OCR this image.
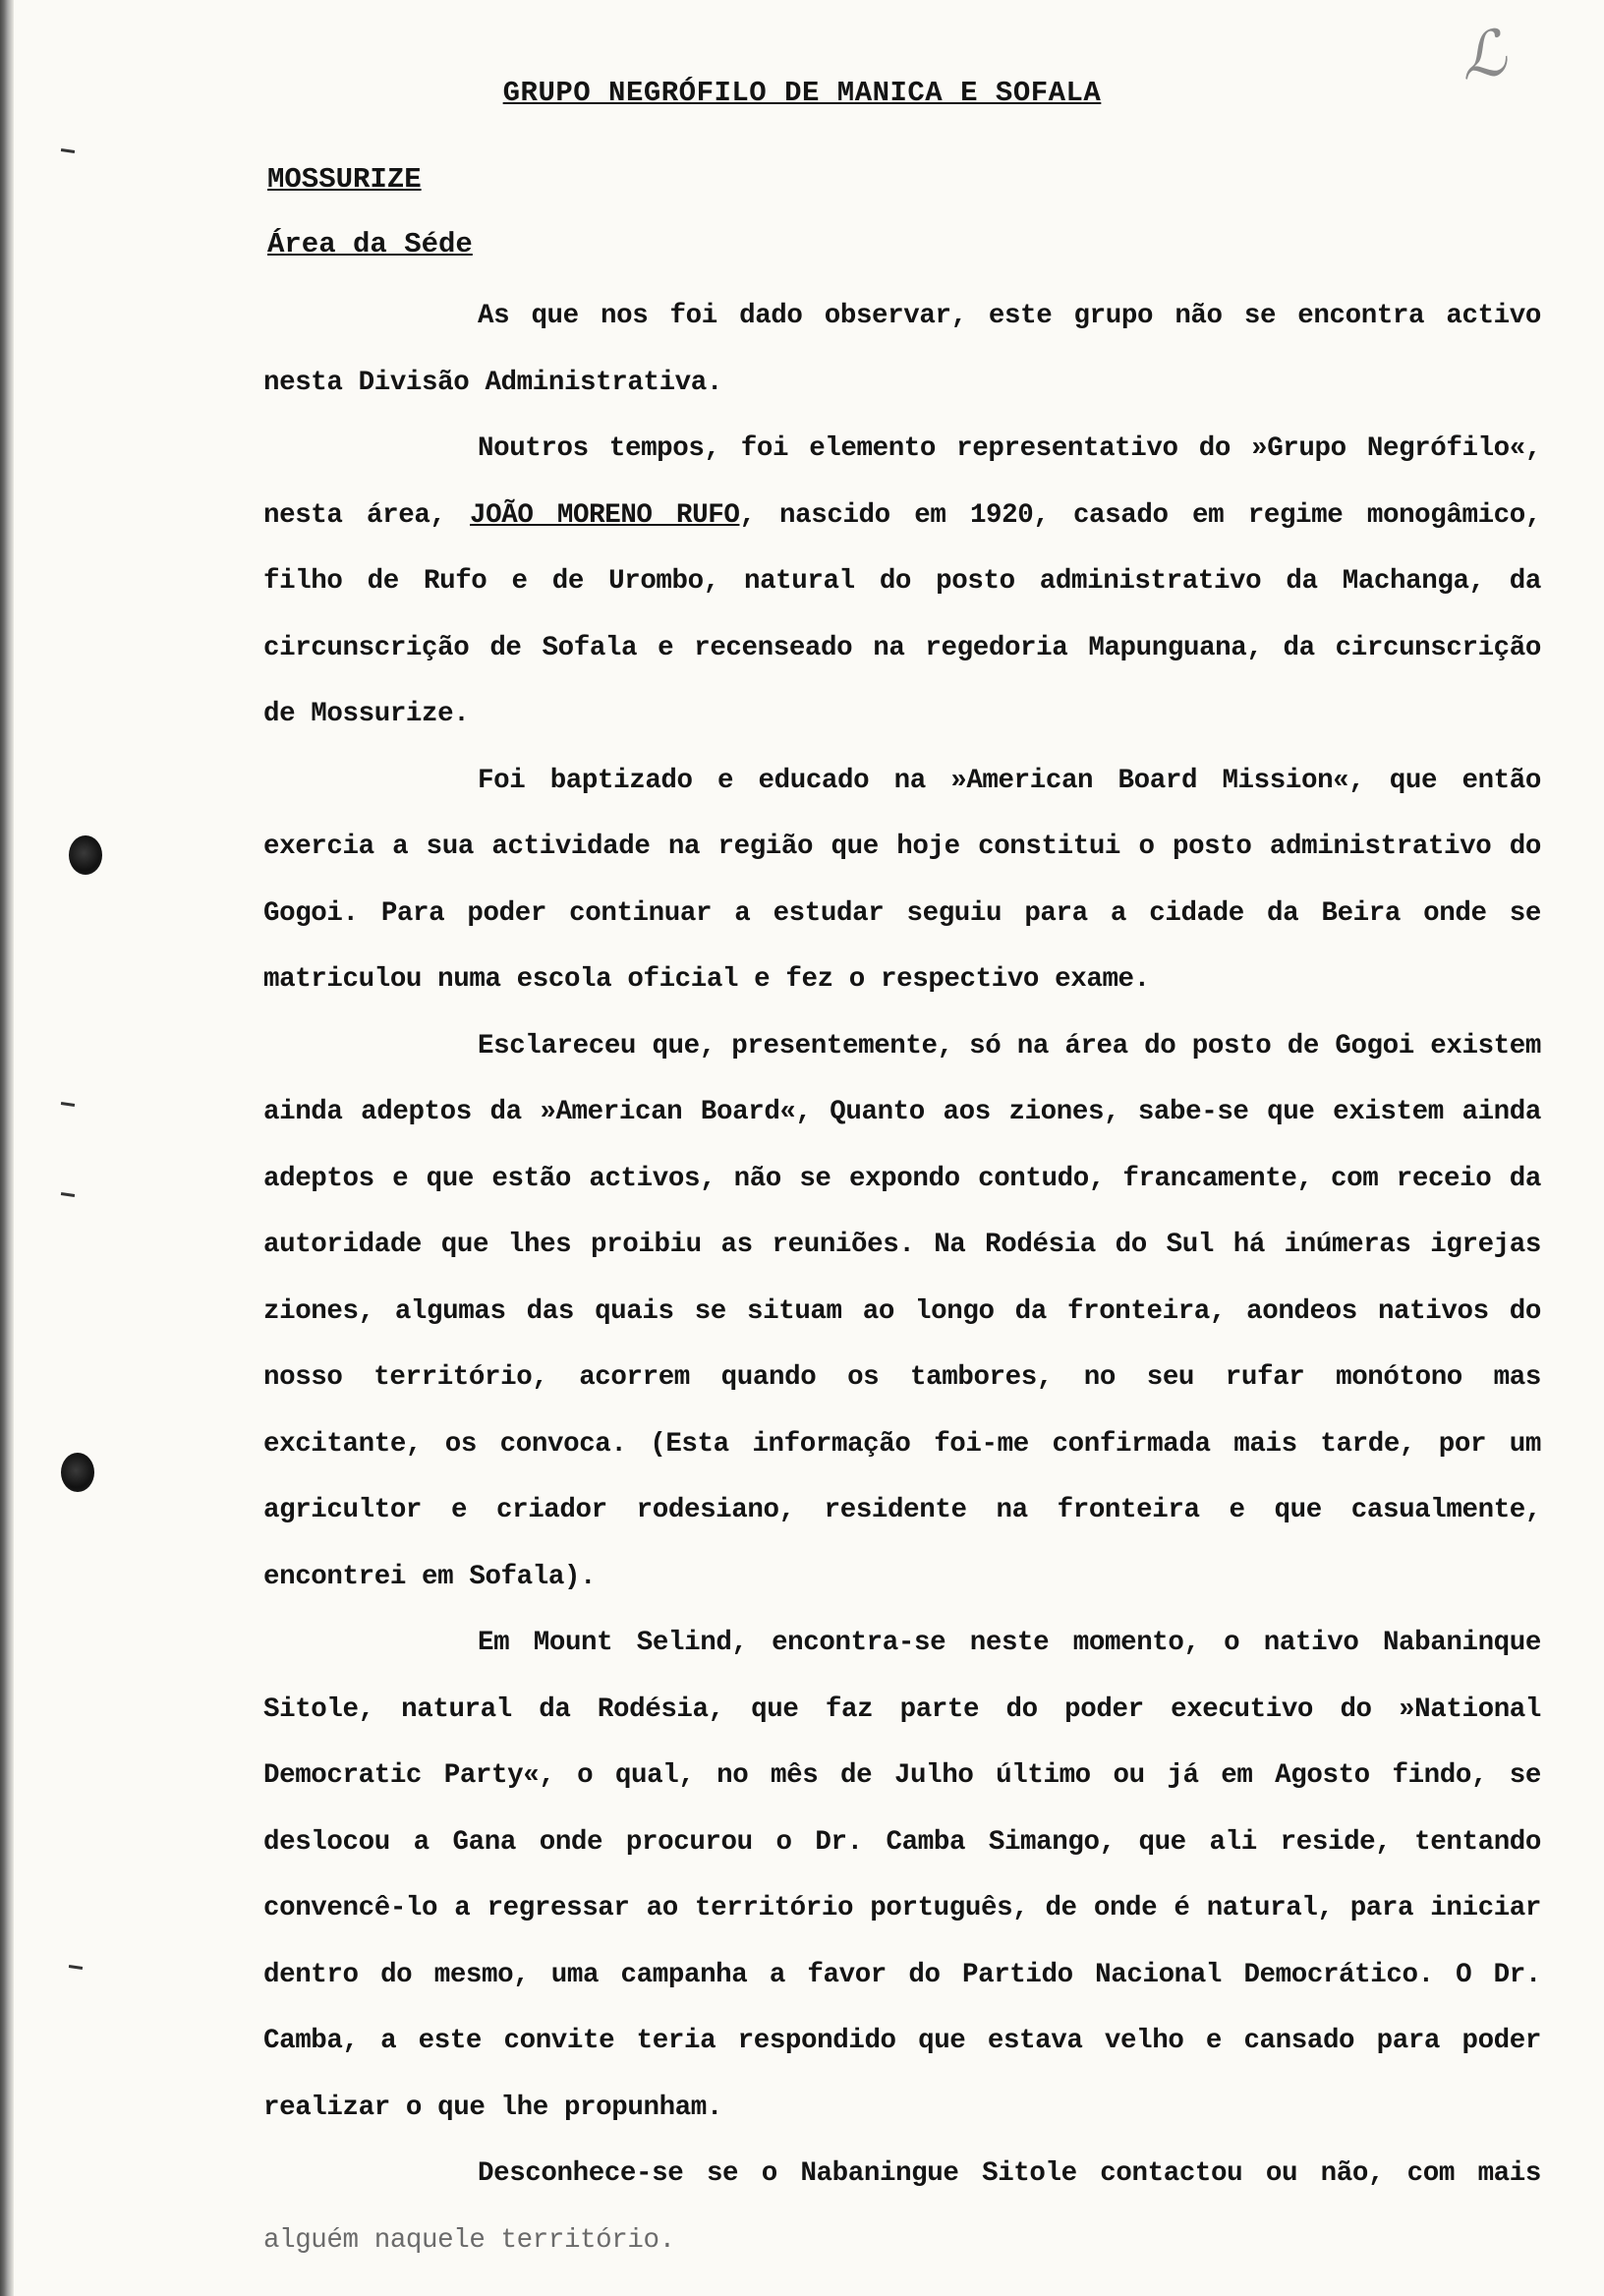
ℒ
GRUPO NEGRÓFILO DE MANICA E SOFALA
MOSSURIZE
Área da Séde

As que nos foi dado observar, este grupo não se encontra activo nesta Divisão Administrativa.

Noutros tempos, foi elemento representativo do »Grupo Negrófilo«, nesta área, JOÃO MORENO RUFO, nascido em 1920, casado em regime monogâmico, filho de Rufo e de Urombo, natural do posto administrativo da Machanga, da circunscrição de Sofala e recenseado na regedoria Mapunguana, da circunscrição de Mossurize.

Foi baptizado e educado na »American Board Mission«, que então exercia a sua actividade na região que hoje constitui o posto administrativo do Gogoi. Para poder continuar a estudar seguiu para a cidade da Beira onde se matriculou numa escola oficial e fez o respectivo exame.

Esclareceu que, presentemente, só na área do posto de Gogoi existem ainda adeptos da »American Board«, Quanto aos ziones, sabe-se que existem ainda adeptos e que estão activos, não se expondo contudo, francamente, com receio da autoridade que lhes proibiu as reuniões. Na Rodésia do Sul há inúmeras igrejas ziones, algumas das quais se situam ao longo da fronteira, aondeos nativos do nosso território, acorrem quando os tambores, no seu rufar monótono mas excitante, os convoca. (Esta informação foi-me confirmada mais tarde, por um agricultor e criador rodesiano, residente na fronteira e que casualmente, encontrei em Sofala).

Em Mount Selind, encontra-se neste momento, o nativo Nabaninque Sitole, natural da Rodésia, que faz parte do poder executivo do »National Democratic Party«, o qual, no mês de Julho último ou já em Agosto findo, se deslocou a Gana onde procurou o Dr. Camba Simango, que ali reside, tentando convencê-lo a regressar ao território português, de onde é natural, para iniciar dentro do mesmo, uma campanha a favor do Partido Nacional Democrático. O Dr. Camba, a este convite teria respondido que estava velho e cansado para poder realizar o que lhe propunham.

Desconhece-se se o Nabaningue Sitole contactou ou não, com mais alguém naquele território.
